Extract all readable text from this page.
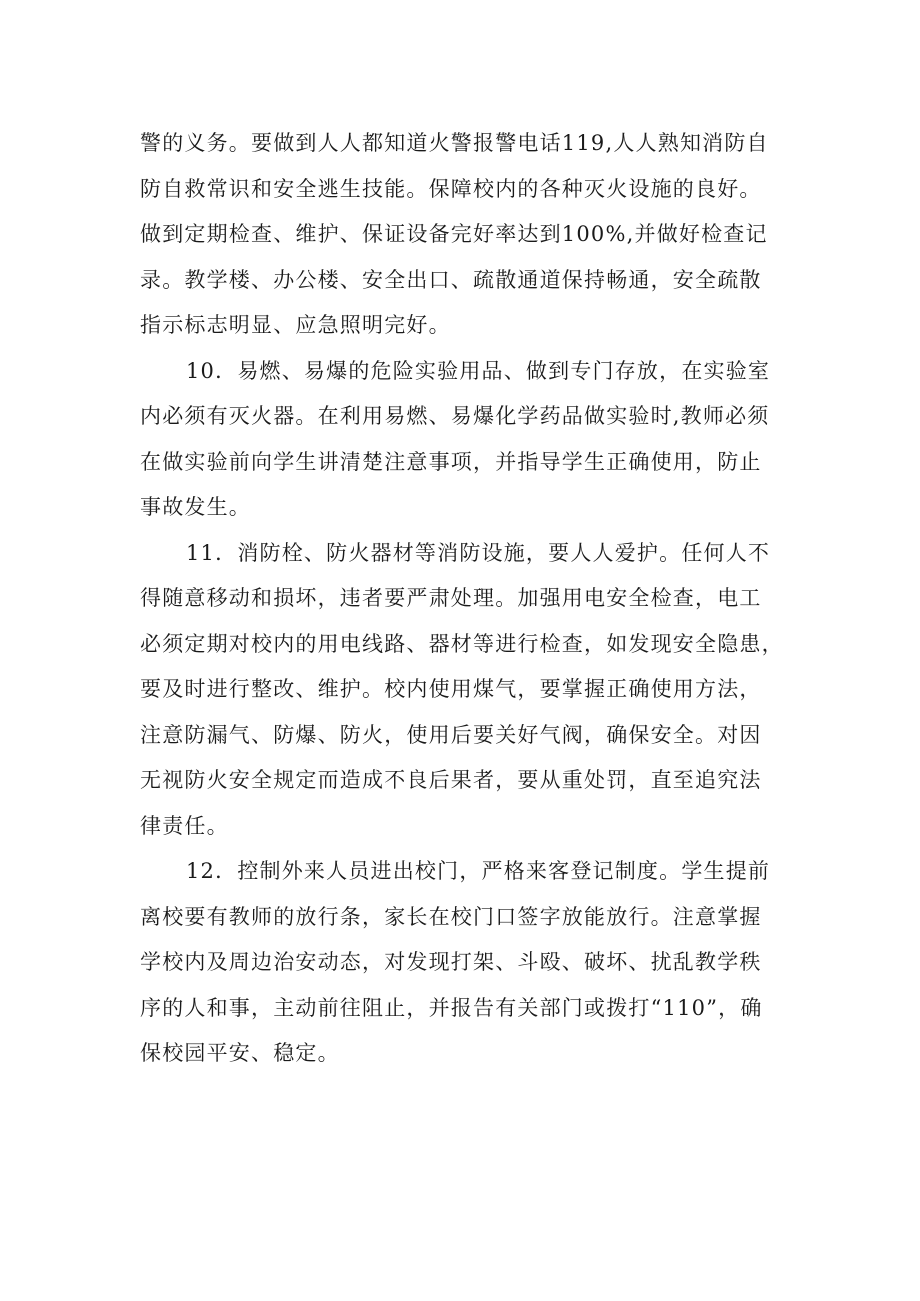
警的义务。要做到人人都知道火警报警电话119,人人熟知消防自
防自救常识和安全逃生技能。保障校内的各种灭火设施的良好。
做到定期检查、维护、保证设备完好率达到100%,并做好检查记
录。教学楼、办公楼、安全出口、疏散通道保持畅通，安全疏散
指示标志明显、应急照明完好。
10．易燃、易爆的危险实验用品、做到专门存放，在实验室
内必须有灭火器。在利用易燃、易爆化学药品做实验时,教师必须
在做实验前向学生讲清楚注意事项，并指导学生正确使用，防止
事故发生。
11．消防栓、防火器材等消防设施，要人人爱护。任何人不
得随意移动和损坏，违者要严肃处理。加强用电安全检查，电工
必须定期对校内的用电线路、器材等进行检查，如发现安全隐患，
要及时进行整改、维护。校内使用煤气，要掌握正确使用方法，
注意防漏气、防爆、防火，使用后要关好气阀，确保安全。对因
无视防火安全规定而造成不良后果者，要从重处罚，直至追究法
律责任。
12．控制外来人员进出校门，严格来客登记制度。学生提前
离校要有教师的放行条，家长在校门口签字放能放行。注意掌握
学校内及周边治安动态，对发现打架、斗殴、破坏、扰乱教学秩
序的人和事，主动前往阻止，并报告有关部门或拨打“110”，确
保校园平安、稳定。
